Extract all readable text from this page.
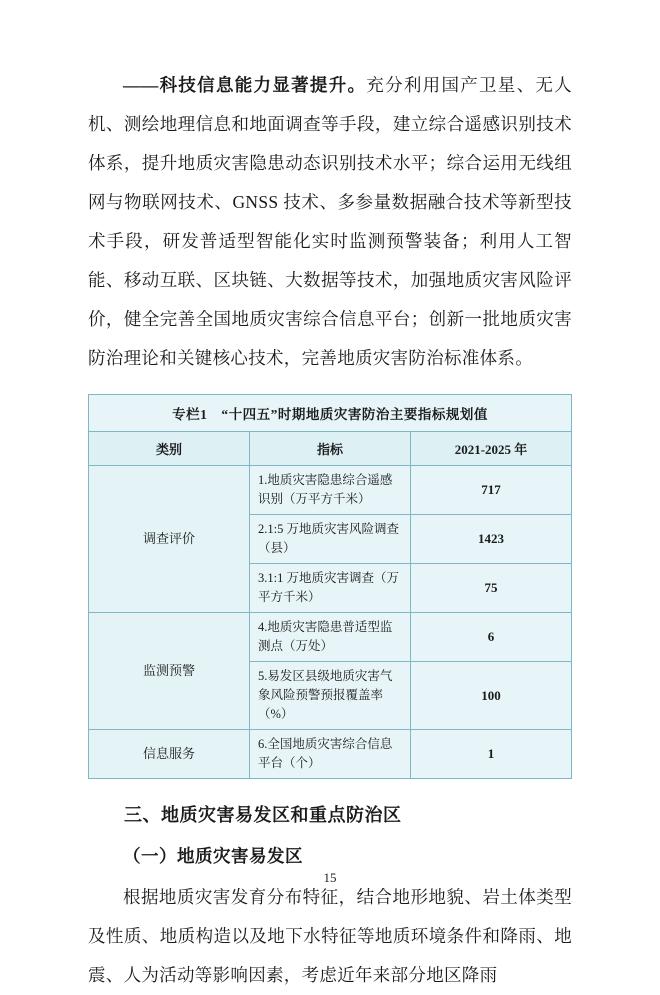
——科技信息能力显著提升。充分利用国产卫星、无人机、测绘地理信息和地面调查等手段，建立综合遥感识别技术体系，提升地质灾害隐患动态识别技术水平；综合运用无线组网与物联网技术、GNSS 技术、多参量数据融合技术等新型技术手段，研发普适型智能化实时监测预警装备；利用人工智能、移动互联、区块链、大数据等技术，加强地质灾害风险评价，健全完善全国地质灾害综合信息平台；创新一批地质灾害防治理论和关键核心技术，完善地质灾害防治标准体系。

专栏1　“十四五”时期地质灾害防治主要指标规划值		
类别	指标	2021-2025 年
调查评价	1.地质灾害隐患综合遥感识别（万平方千米）	717
	2.1:5 万地质灾害风险调查（县）	1423
	3.1:1 万地质灾害调查（万平方千米）	75
监测预警	4.地质灾害隐患普适型监测点（万处）	6
	5.易发区县级地质灾害气象风险预警预报覆盖率（%）	100
信息服务	6.全国地质灾害综合信息平台（个）	1
三、地质灾害易发区和重点防治区
（一）地质灾害易发区

根据地质灾害发育分布特征，结合地形地貌、岩土体类型及性质、地质构造以及地下水特征等地质环境条件和降雨、地震、人为活动等影响因素，考虑近年来部分地区降雨

15
